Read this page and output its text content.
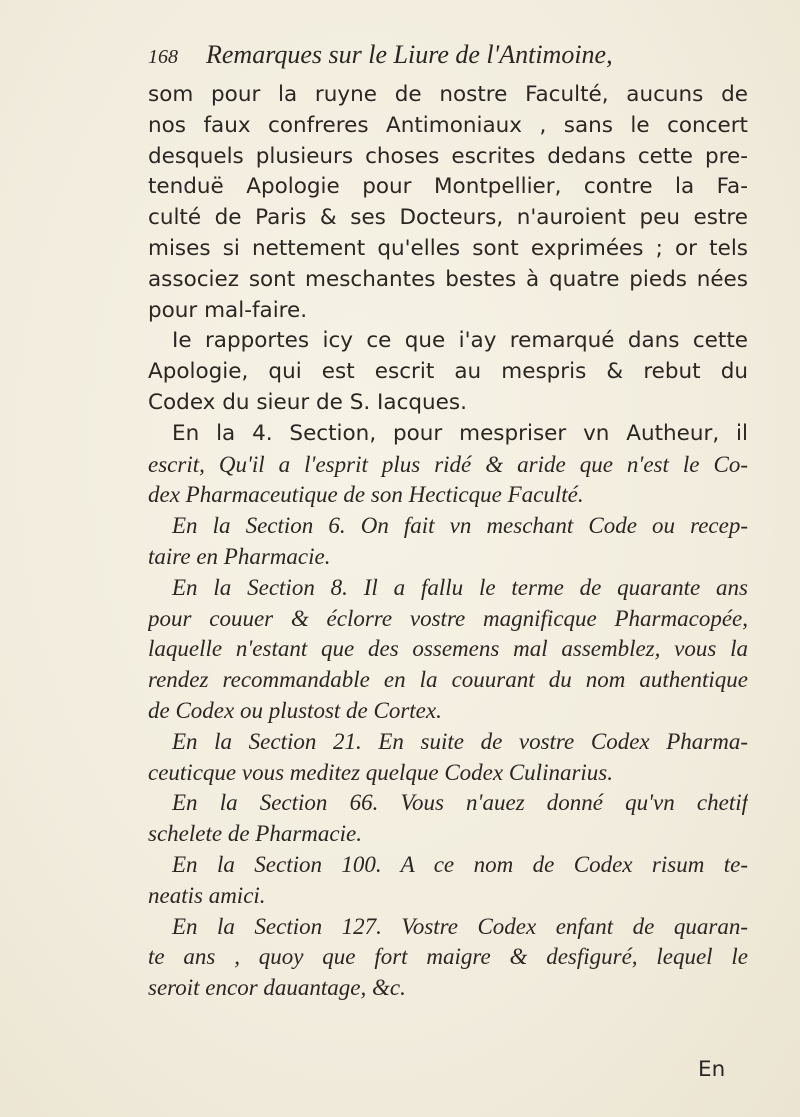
168 Remarques sur le Liure de l'Antimoine,
som pour la ruyne de nostre Faculté, aucuns de
nos faux confreres Antimoniaux , sans le concert
desquels plusieurs choses escrites dedans cette pre-
tenduë Apologie pour Montpellier, contre la Fa-
culté de Paris & ses Docteurs, n'auroient peu estre
mises si nettement qu'elles sont exprimées ; or tels
associez sont meschantes bestes à quatre pieds nées
pour mal-faire.
Ie rapportes icy ce que i'ay remarqué dans cette
Apologie, qui est escrit au mespris & rebut du
Codex du sieur de S. Iacques.
En la 4. Section, pour mespriser vn Autheur, il
escrit, Qu'il a l'esprit plus ridé & aride que n'est le Co-
dex Pharmaceutique de son Hecticque Faculté.
En la Section 6. On fait vn meschant Code ou recep-
taire en Pharmacie.
En la Section 8. Il a fallu le terme de quarante ans
pour couuer & éclorre vostre magnificque Pharmacopée,
laquelle n'estant que des ossemens mal assemblez, vous la
rendez recommandable en la couurant du nom authentique
de Codex ou plustost de Cortex.
En la Section 21. En suite de vostre Codex Pharma-
ceuticque vous meditez quelque Codex Culinarius.
En la Section 66. Vous n'auez donné qu'vn chetif
schelete de Pharmacie.
En la Section 100. A ce nom de Codex risum te-
neatis amici.
En la Section 127. Vostre Codex enfant de quaran-
te ans , quoy que fort maigre & desfiguré, lequel le
seroit encor dauantage, &c.
En
